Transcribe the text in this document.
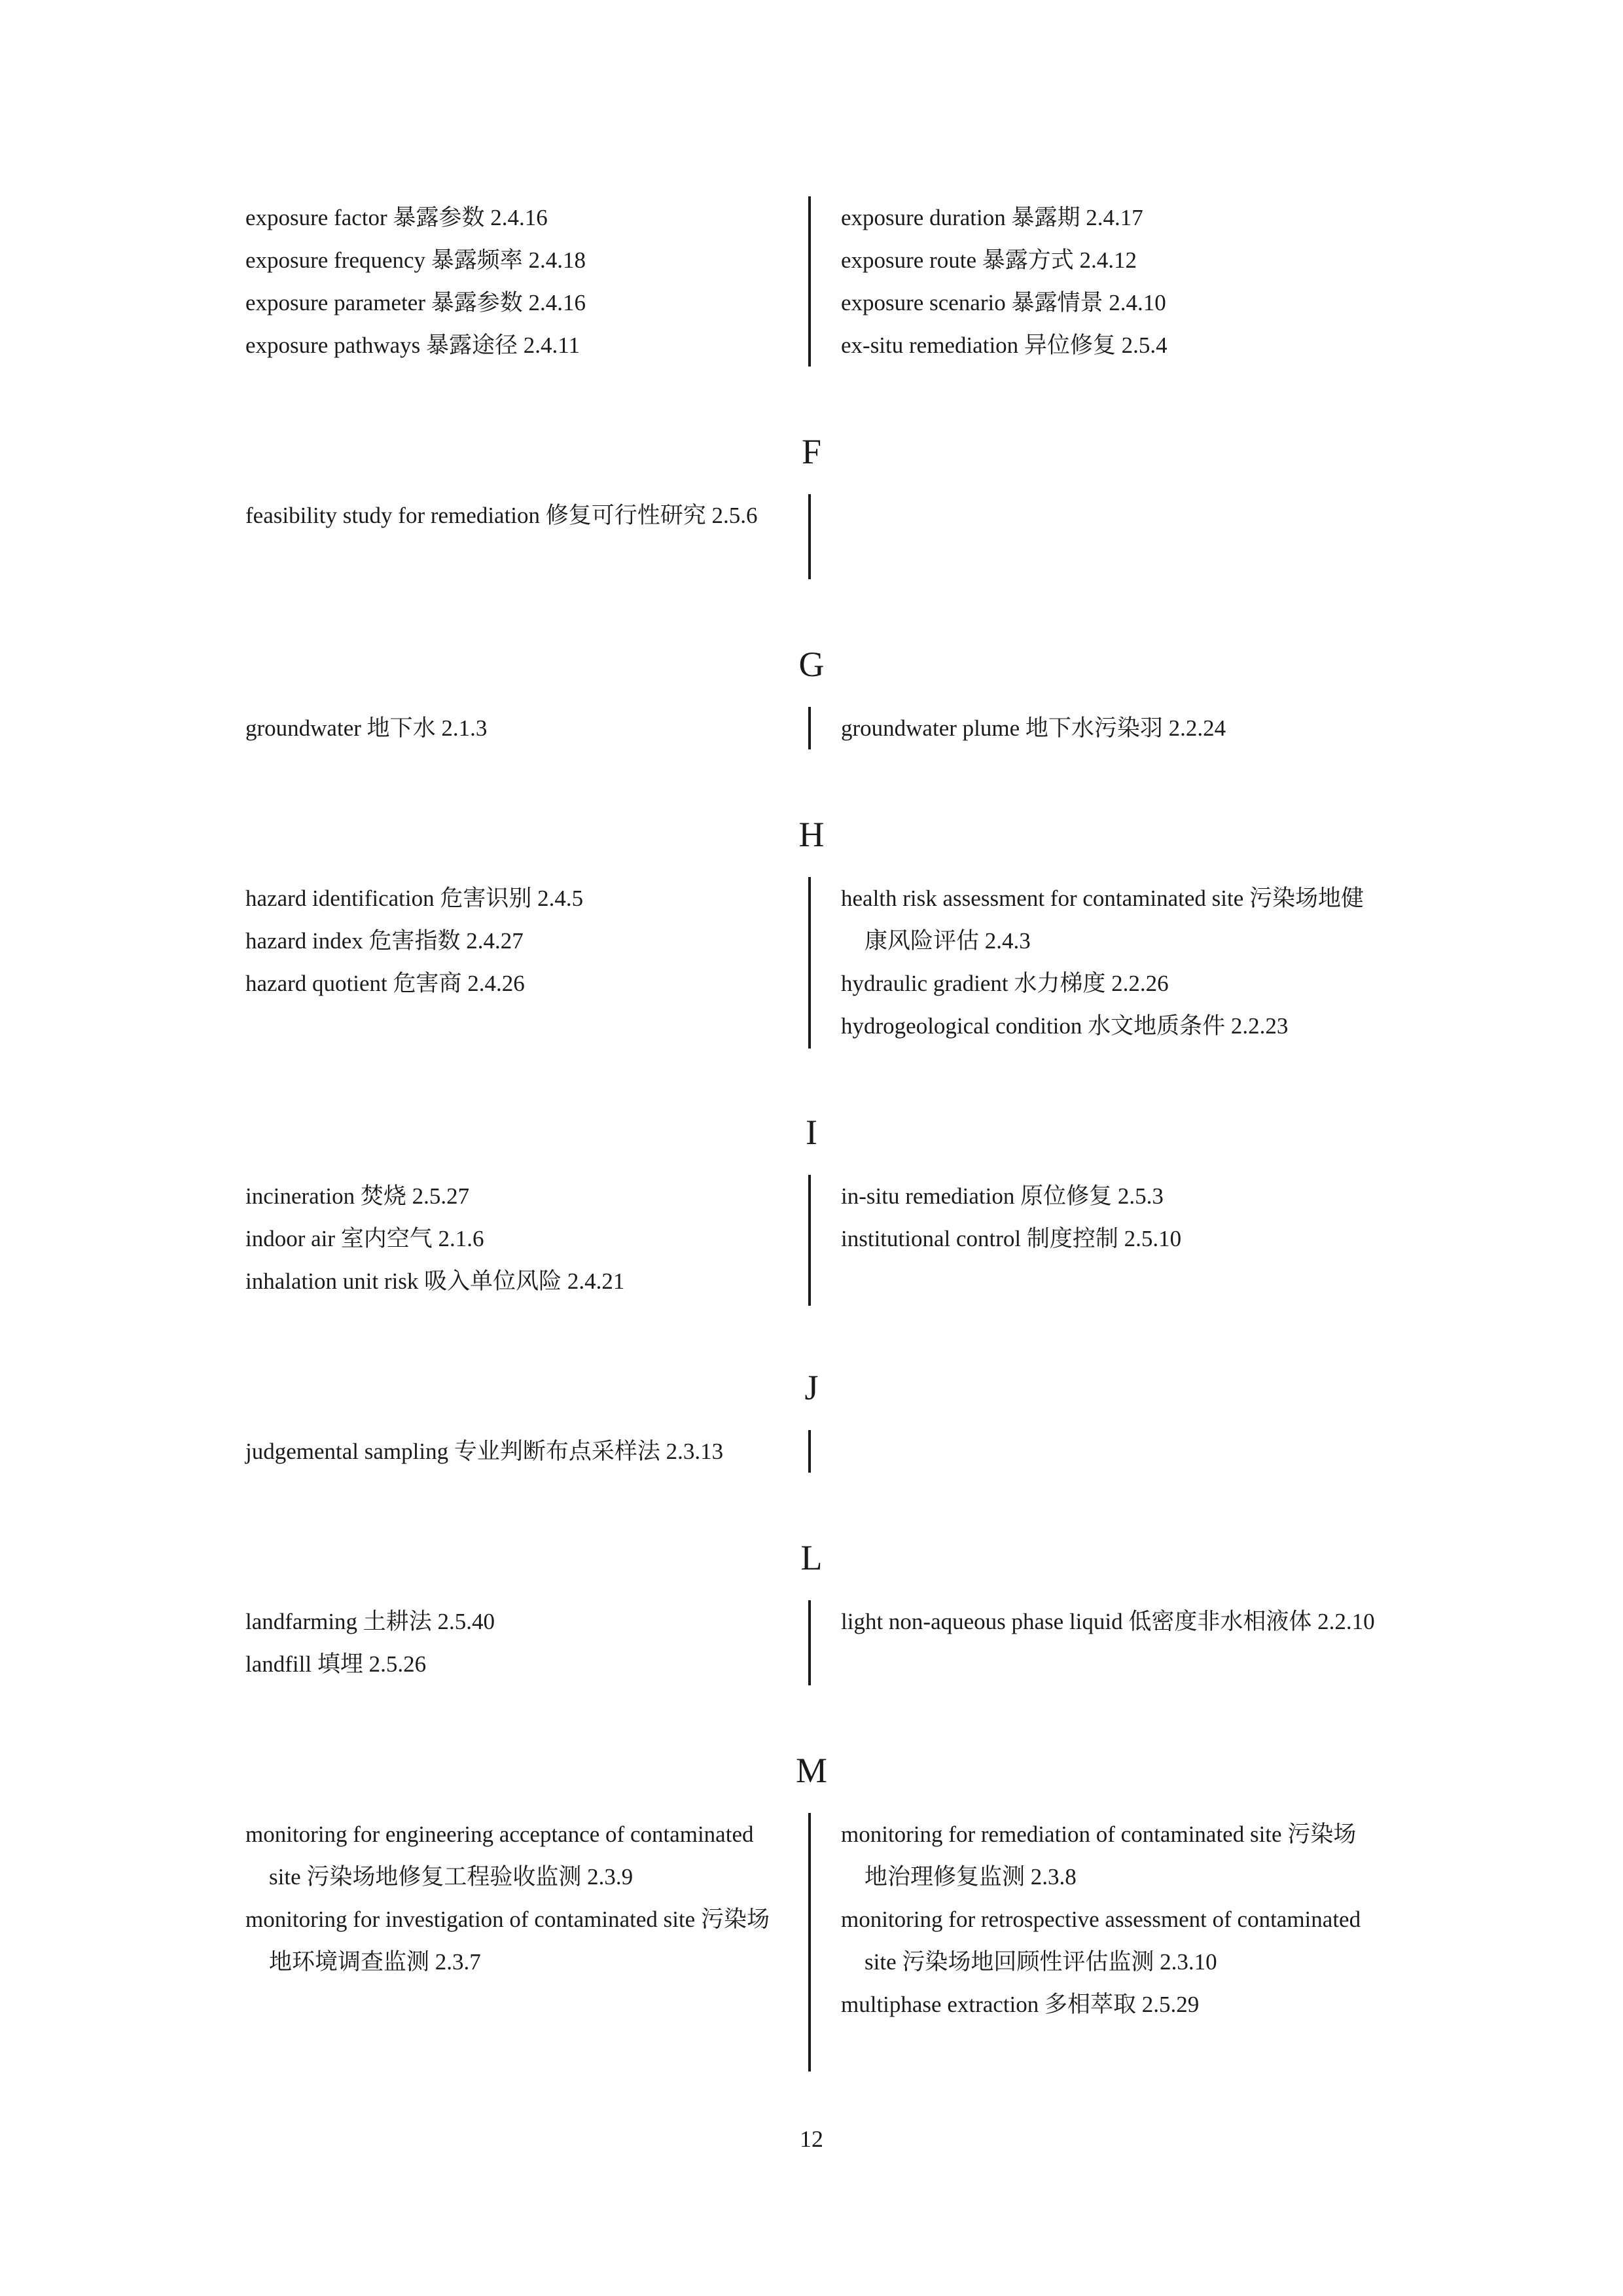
exposure factor 暴露参数 2.4.16

exposure frequency 暴露频率 2.4.18

exposure parameter 暴露参数 2.4.16

exposure pathways 暴露途径 2.4.11

exposure duration 暴露期 2.4.17

exposure route 暴露方式 2.4.12

exposure scenario 暴露情景 2.4.10

ex-situ remediation 异位修复 2.5.4

F

feasibility study for remediation 修复可行性研究 2.5.6

G

groundwater 地下水 2.1.3	groundwater plume 地下水污染羽 2.2.24

H

hazard identification 危害识别 2.4.5

hazard index 危害指数 2.4.27

hazard quotient 危害商 2.4.26

health risk assessment for contaminated site 污染场地健康风险评估 2.4.3

hydraulic gradient 水力梯度 2.2.26

hydrogeological condition 水文地质条件 2.2.23

I

incineration 焚烧 2.5.27

indoor air 室内空气 2.1.6

inhalation unit risk 吸入单位风险 2.4.21

in-situ remediation 原位修复 2.5.3

institutional control 制度控制 2.5.10

J

judgemental sampling 专业判断布点采样法 2.3.13

L

landfarming 土耕法 2.5.40

landfill 填埋 2.5.26

light non-aqueous phase liquid 低密度非水相液体 2.2.10

M

monitoring for engineering acceptance of contaminated site 污染场地修复工程验收监测 2.3.9

monitoring for investigation of contaminated site 污染场地环境调查监测 2.3.7

monitoring for remediation of contaminated site 污染场地治理修复监测 2.3.8

monitoring for retrospective assessment of contaminated site 污染场地回顾性评估监测 2.3.10

multiphase extraction 多相萃取 2.5.29

12
